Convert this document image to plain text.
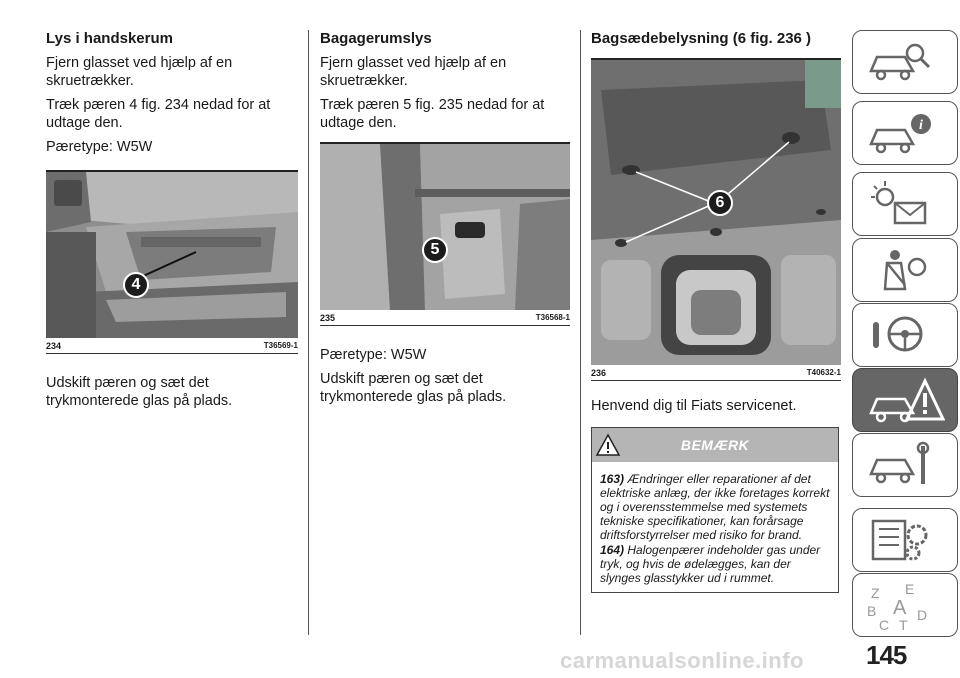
Lys i handskerum

Fjern glasset ved hjælp af en skruetrækker.

Træk pæren 4 fig. 234 nedad for at udtage den.

Pæretype: W5W

4
234	T36569-1

Udskift pæren og sæt det trykmonterede glas på plads.

Bagagerumslys

Fjern glasset ved hjælp af en skruetrækker.

Træk pæren 5 fig. 235 nedad for at udtage den.

5
235	T36568-1

Pæretype: W5W

Udskift pæren og sæt det trykmonterede glas på plads.

Bagsædebelysning (6 fig. 236 )
6
236	T40632-1

Henvend dig til Fiats servicenet.

BEMÆRK
163) Ændringer eller reparationer af det elektriske anlæg, der ikke foretages korrekt og i overensstemmelse med systemets tekniske specifikationer, kan forårsage driftsforstyrrelser med risiko for brand.
164) Halogenpærer indeholder gas under tryk, og hvis de ødelægges, kan der slynges glasstykker ud i rummet.
i
Z E
B A D
C T
145
carmanualsonline.info
